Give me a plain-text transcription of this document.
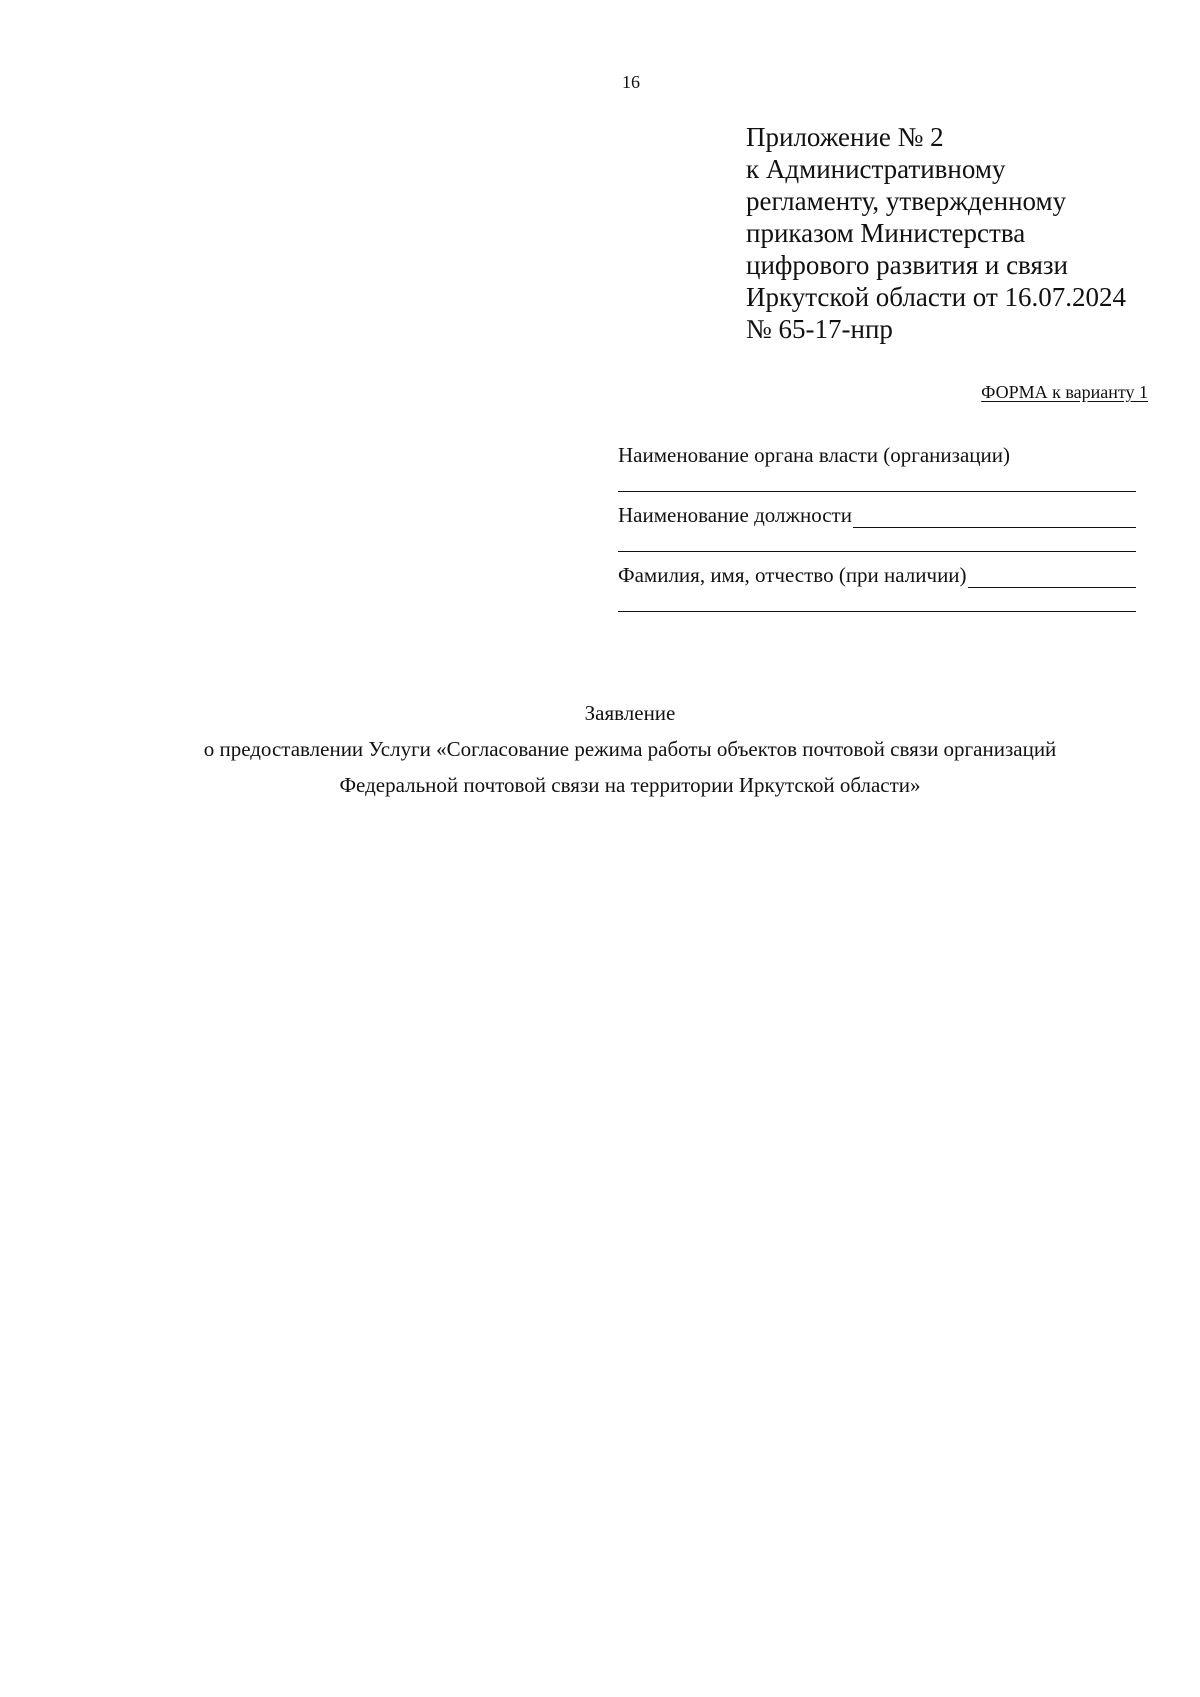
16
Приложение № 2
к Административному
регламенту, утвержденному
приказом Министерства
цифрового развития и связи
Иркутской области от 16.07.2024
№ 65-17-нпр
ФОРМА к варианту 1
Наименование органа власти (организации)
Наименование должности
Фамилия, имя, отчество (при наличии)
Заявление
о предоставлении Услуги «Согласование режима работы объектов почтовой связи организаций
Федеральной почтовой связи на территории Иркутской области»
